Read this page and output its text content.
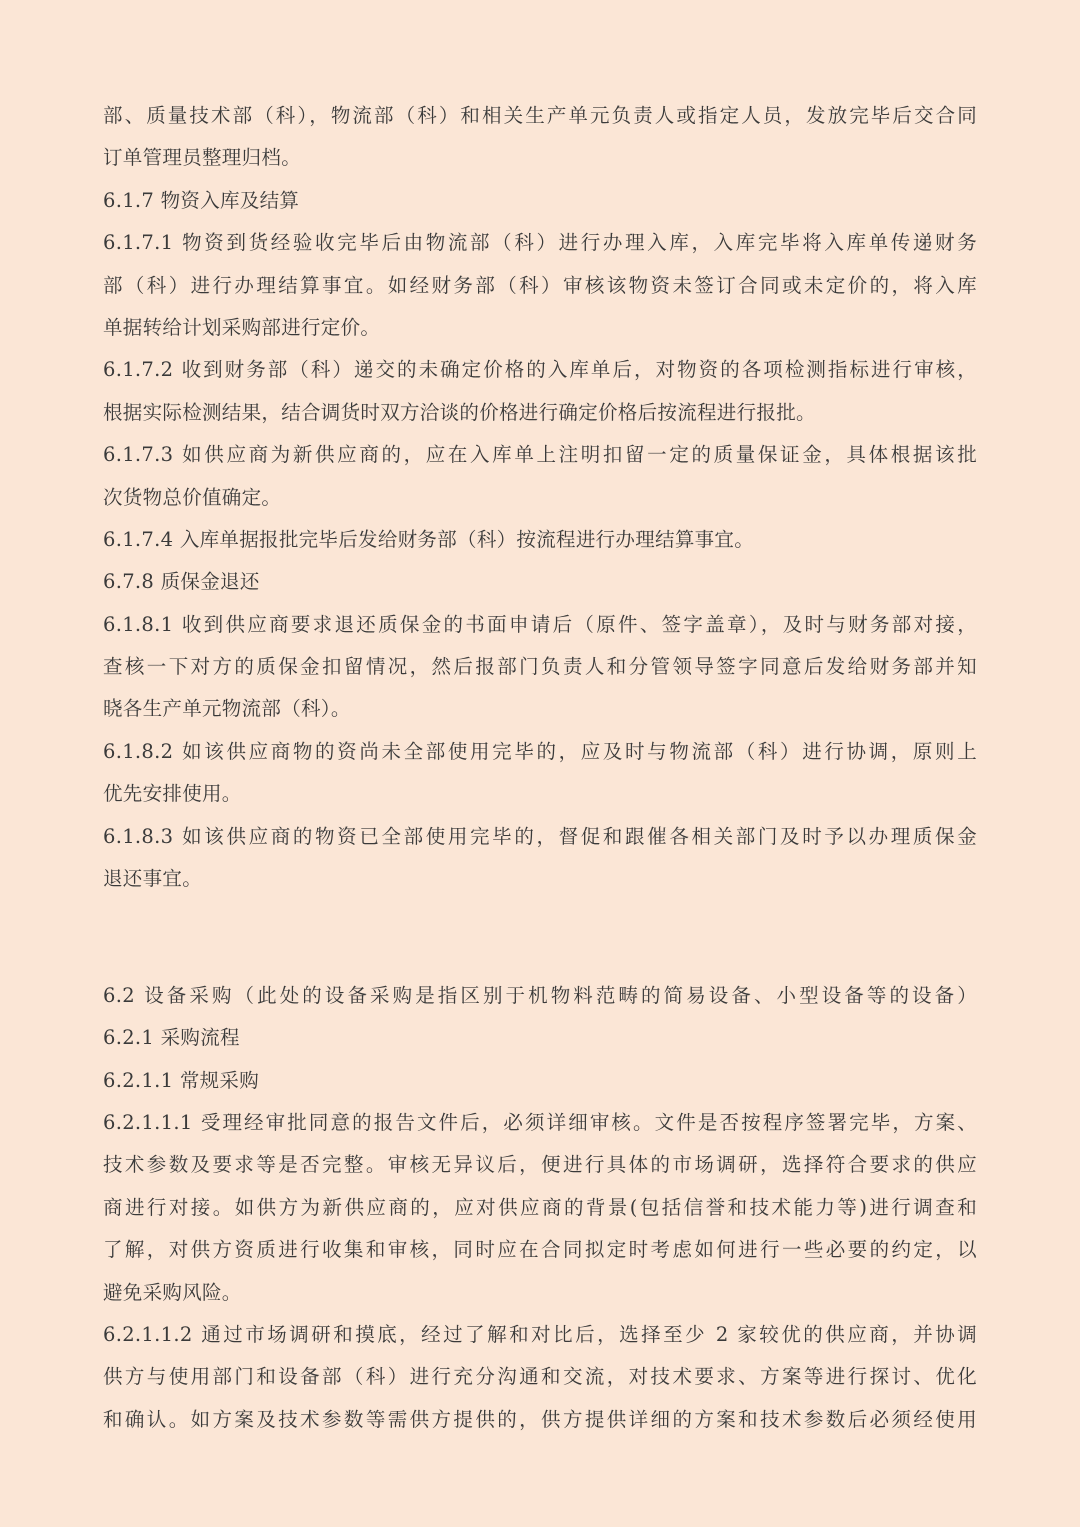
部、质量技术部（科），物流部（科）和相关生产单元负责人或指定人员，发放完毕后交合同

订单管理员整理归档。

6.1.7 物资入库及结算

6.1.7.1 物资到货经验收完毕后由物流部（科）进行办理入库，入库完毕将入库单传递财务

部（科）进行办理结算事宜。如经财务部（科）审核该物资未签订合同或未定价的，将入库

单据转给计划采购部进行定价。

6.1.7.2 收到财务部（科）递交的未确定价格的入库单后，对物资的各项检测指标进行审核，

根据实际检测结果，结合调货时双方洽谈的价格进行确定价格后按流程进行报批。

6.1.7.3 如供应商为新供应商的，应在入库单上注明扣留一定的质量保证金，具体根据该批

次货物总价值确定。

6.1.7.4 入库单据报批完毕后发给财务部（科）按流程进行办理结算事宜。

6.7.8 质保金退还

6.1.8.1 收到供应商要求退还质保金的书面申请后（原件、签字盖章），及时与财务部对接，

查核一下对方的质保金扣留情况，然后报部门负责人和分管领导签字同意后发给财务部并知

晓各生产单元物流部（科）。

6.1.8.2 如该供应商物的资尚未全部使用完毕的，应及时与物流部（科）进行协调，原则上

优先安排使用。

6.1.8.3 如该供应商的物资已全部使用完毕的，督促和跟催各相关部门及时予以办理质保金

退还事宜。

6.2 设备采购（此处的设备采购是指区别于机物料范畴的简易设备、小型设备等的设备）

6.2.1 采购流程

6.2.1.1 常规采购

6.2.1.1.1 受理经审批同意的报告文件后，必须详细审核。文件是否按程序签署完毕，方案、

技术参数及要求等是否完整。审核无异议后，便进行具体的市场调研，选择符合要求的供应

商进行对接。如供方为新供应商的，应对供应商的背景(包括信誉和技术能力等)进行调查和

了解，对供方资质进行收集和审核，同时应在合同拟定时考虑如何进行一些必要的约定，以

避免采购风险。

6.2.1.1.2 通过市场调研和摸底，经过了解和对比后，选择至少 2 家较优的供应商，并协调

供方与使用部门和设备部（科）进行充分沟通和交流，对技术要求、方案等进行探讨、优化

和确认。如方案及技术参数等需供方提供的，供方提供详细的方案和技术参数后必须经使用
